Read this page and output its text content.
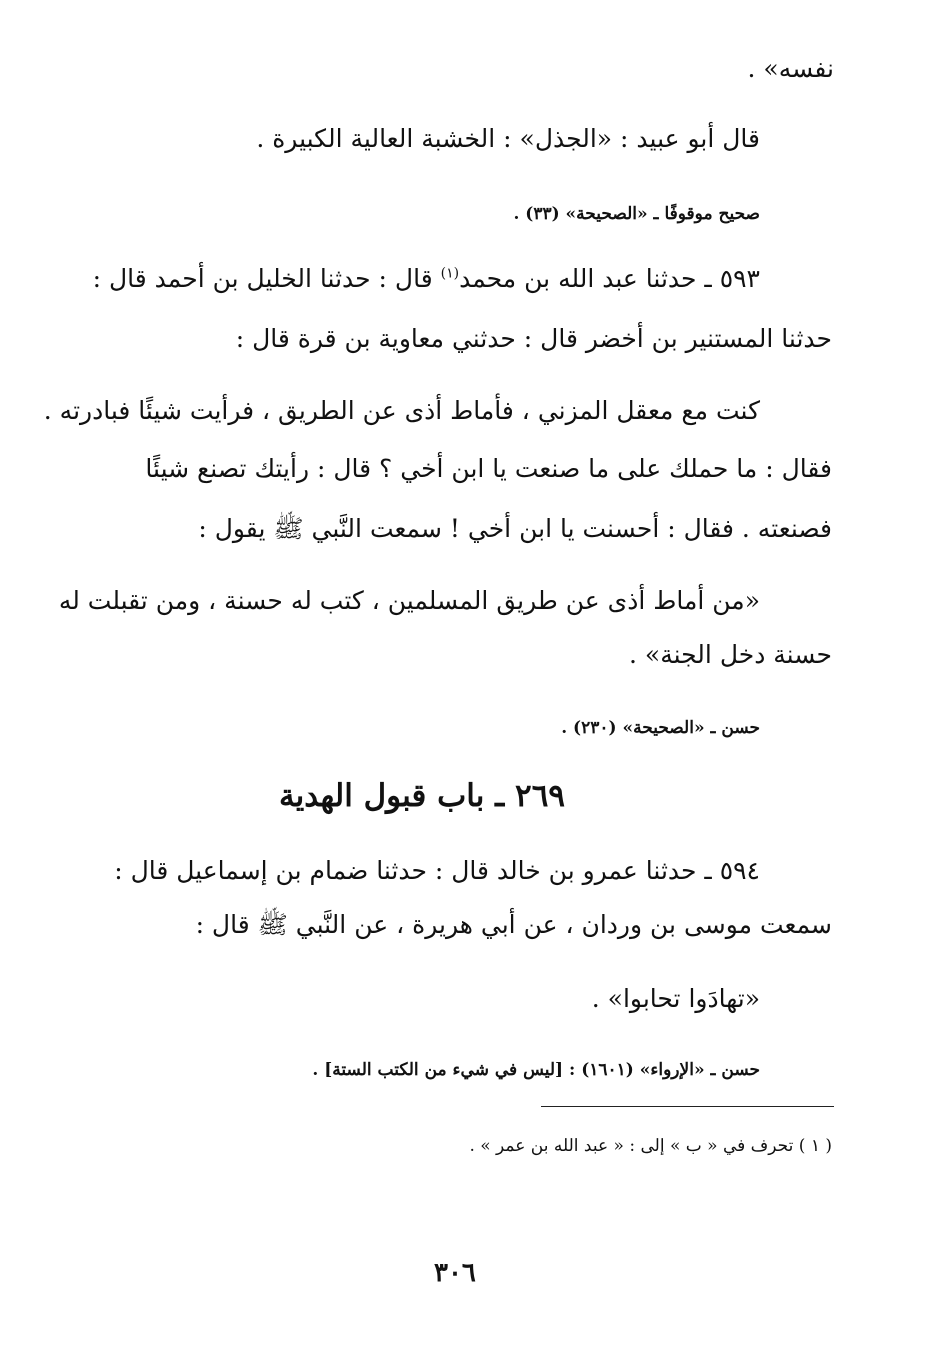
نفسه» .
قال أبو عبيد : «الجذل» : الخشبة العالية الكبيرة .
صحيح موقوفًا ـ «الصحيحة» (٣٣) .
٥٩٣ ـ حدثنا عبد الله بن محمد$^{(١)}$ قال : حدثنا الخليل بن أحمد قال :
حدثنا المستنير بن أخضر قال : حدثني معاوية بن قرة قال :
كنت مع معقل المزني ، فأماط أذى عن الطريق ، فرأيت شيئًا فبادرته .
فقال : ما حملك على ما صنعت يا ابن أخي ؟ قال : رأيتك تصنع شيئًا
فصنعته . فقال : أحسنت يا ابن أخي ! سمعت النَّبي ﷺ يقول :
«من أماط أذى عن طريق المسلمين ، كتب له حسنة ، ومن تقبلت له
حسنة دخل الجنة» .
حسن ـ «الصحيحة» (٢٣٠) .
٢٦٩ ـ باب قبول الهدية
٥٩٤ ـ حدثنا عمرو بن خالد قال : حدثنا ضمام بن إسماعيل قال :
سمعت موسى بن وردان ، عن أبي هريرة ، عن النَّبي ﷺ قال :
«تهادَوا تحابوا» .
حسن ـ «الإرواء» (١٦٠١) : [ليس في شيء من الكتب الستة] .
( ١ ) تحرف في « ب » إلى : « عبد الله بن عمر » .
٣٠٦
